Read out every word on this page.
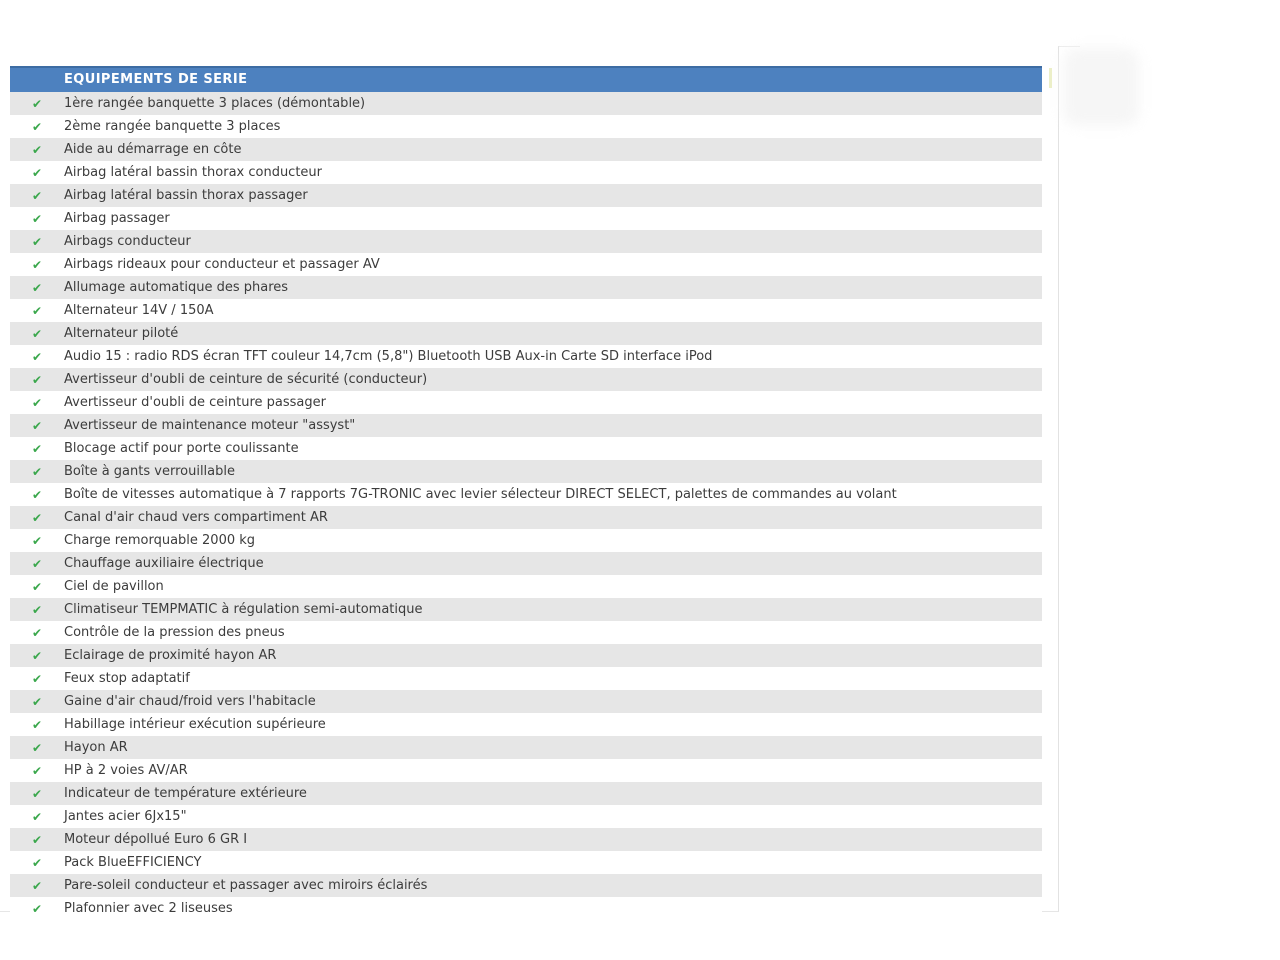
EQUIPEMENTS DE SERIE
✔	1ère rangée banquette 3 places (démontable)
✔	2ème rangée banquette 3 places
✔	Aide au démarrage en côte
✔	Airbag latéral bassin thorax conducteur
✔	Airbag latéral bassin thorax passager
✔	Airbag passager
✔	Airbags conducteur
✔	Airbags rideaux pour conducteur et passager AV
✔	Allumage automatique des phares
✔	Alternateur 14V / 150A
✔	Alternateur piloté
✔	Audio 15 : radio RDS écran TFT couleur 14,7cm (5,8") Bluetooth USB Aux-in Carte SD interface iPod
✔	Avertisseur d'oubli de ceinture de sécurité (conducteur)
✔	Avertisseur d'oubli de ceinture passager
✔	Avertisseur de maintenance moteur "assyst"
✔	Blocage actif pour porte coulissante
✔	Boîte à gants verrouillable
✔	Boîte de vitesses automatique à 7 rapports 7G-TRONIC avec levier sélecteur DIRECT SELECT, palettes de commandes au volant
✔	Canal d'air chaud vers compartiment AR
✔	Charge remorquable 2000 kg
✔	Chauffage auxiliaire électrique
✔	Ciel de pavillon
✔	Climatiseur TEMPMATIC à régulation semi-automatique
✔	Contrôle de la pression des pneus
✔	Eclairage de proximité hayon AR
✔	Feux stop adaptatif
✔	Gaine d'air chaud/froid vers l'habitacle
✔	Habillage intérieur exécution supérieure
✔	Hayon AR
✔	HP à 2 voies AV/AR
✔	Indicateur de température extérieure
✔	Jantes acier 6Jx15"
✔	Moteur dépollué Euro 6 GR I
✔	Pack BlueEFFICIENCY
✔	Pare-soleil conducteur et passager avec miroirs éclairés
✔	Plafonnier avec 2 liseuses
